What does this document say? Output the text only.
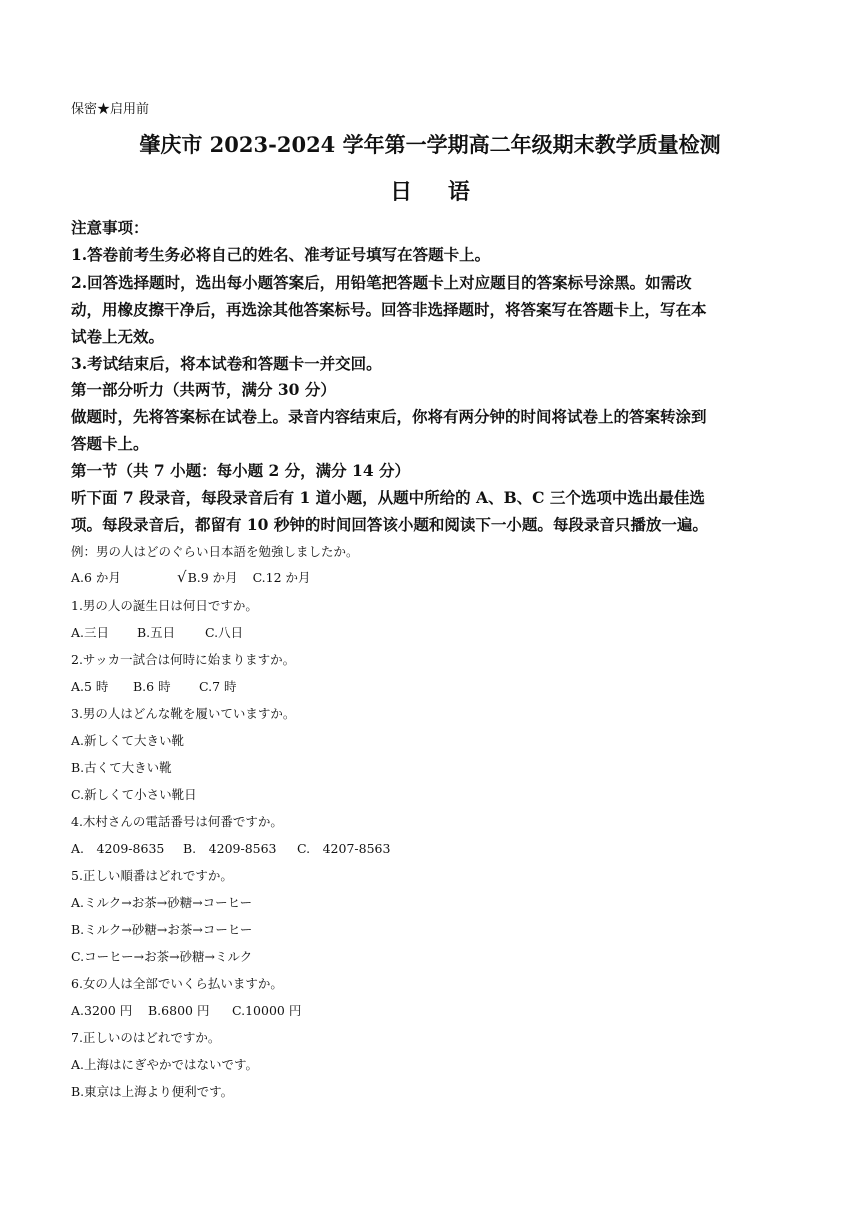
保密★启用前
肇庆市 2023-2024 学年第一学期高二年级期末教学质量检测
日 语
注意事项：
1.答卷前考生务必将自己的姓名、准考证号填写在答题卡上。
2.回答选择题时，选出每小题答案后，用铅笔把答题卡上对应题目的答案标号涂黑。如需改
动，用橡皮擦干净后，再选涂其他答案标号。回答非选择题时，将答案写在答题卡上，写在本
试卷上无效。
3.考试结束后，将本试卷和答题卡一并交回。
第一部分听力（共两节，满分 30 分）
做题时，先将答案标在试卷上。录音内容结束后，你将有两分钟的时间将试卷上的答案转涂到
答题卡上。
第一节（共 7 小题：每小题 2 分，满分 14 分）
听下面 7 段录音，每段录音后有 1 道小题，从题中所给的 A、B、C 三个选项中选出最佳选
项。每段录音后，都留有 10 秒钟的时间回答该小题和阅读下一小题。每段录音只播放一遍。
例：男の人はどのぐらい日本語を勉強しましたか。
A.6 か月	√B.9 か月 C.12 か月
1.男の人の誕生日は何日ですか。
A.三日 B.五日 C.八日
2.サッカ一試合は何時に始まりますか。
A.5 時 B.6 時 C.7 時
3.男の人はどんな靴を履いていますか。
A.新しくて大きい靴
B.古くて大きい靴
C.新しくて小さい靴日
4.木村さんの電話番号は何番ですか。
A.　4209-8635 B.　4209-8563 C.　4207-8563
5.正しい順番はどれですか。
A.ミルク→お茶→砂糖→コーヒー
B.ミルク→砂糖→お茶→コーヒー
C.コーヒー→お茶→砂糖→ミルク
6.女の人は全部でいくら払いますか。
A.3200 円 B.6800 円 C.10000 円
7.正しいのはどれですか。
A.上海はにぎやかではないです。
B.東京は上海より便利です。
